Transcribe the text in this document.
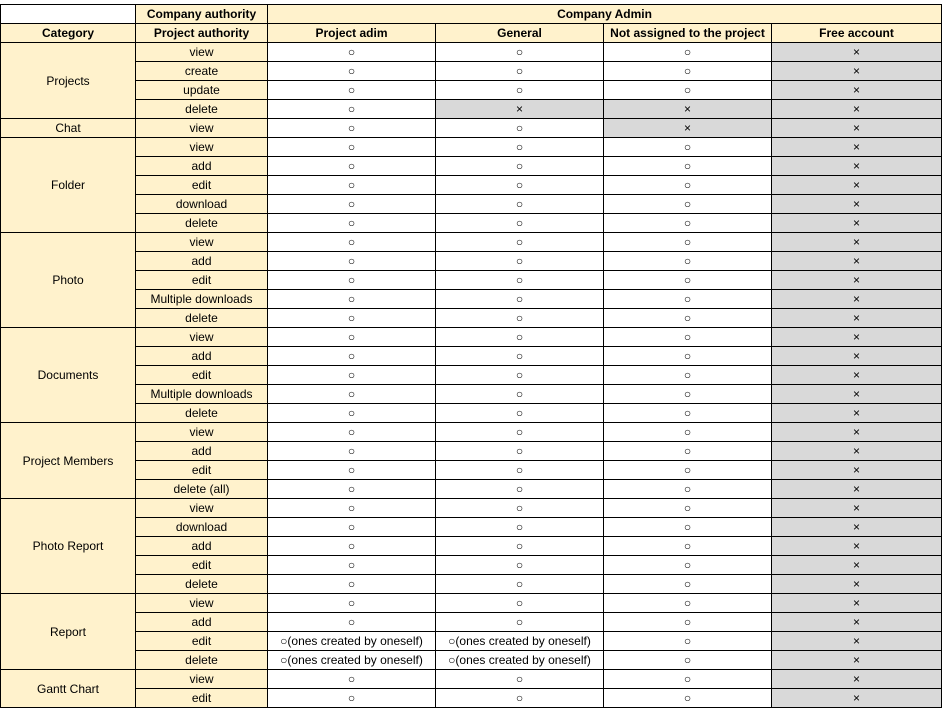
	Company authority	Company Admin			
Category	Project authority	Project adim	General	Not assigned to the project	Free account
Projects	view	○	○	○	×
	create	○	○	○	×
	update	○	○	○	×
	delete	○	×	×	×
Chat	view	○	○	×	×
Folder	view	○	○	○	×
	add	○	○	○	×
	edit	○	○	○	×
	download	○	○	○	×
	delete	○	○	○	×
Photo	view	○	○	○	×
	add	○	○	○	×
	edit	○	○	○	×
	Multiple downloads	○	○	○	×
	delete	○	○	○	×
Documents	view	○	○	○	×
	add	○	○	○	×
	edit	○	○	○	×
	Multiple downloads	○	○	○	×
	delete	○	○	○	×
Project Members	view	○	○	○	×
	add	○	○	○	×
	edit	○	○	○	×
	delete (all)	○	○	○	×
Photo Report	view	○	○	○	×
	download	○	○	○	×
	add	○	○	○	×
	edit	○	○	○	×
	delete	○	○	○	×
Report	view	○	○	○	×
	add	○	○	○	×
	edit	○(ones created by oneself)	○(ones created by oneself)	○	×
	delete	○(ones created by oneself)	○(ones created by oneself)	○	×
Gantt Chart	view	○	○	○	×
	edit	○	○	○	×
